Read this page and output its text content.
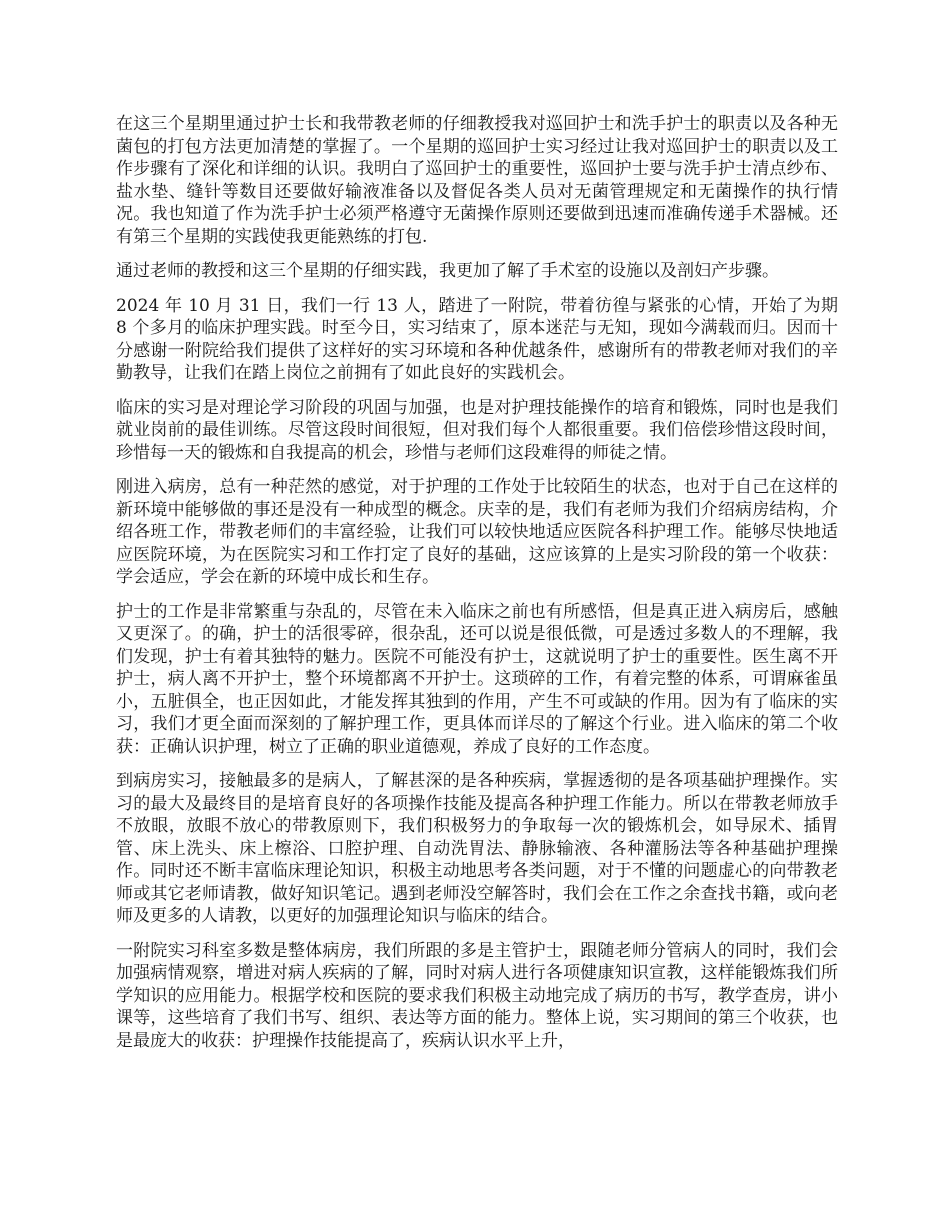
在这三个星期里通过护士长和我带教老师的仔细教授我对巡回护士和洗手护士的职责以及各种无菌包的打包方法更加清楚的掌握了。一个星期的巡回护士实习经过让我对巡回护士的职责以及工作步骤有了深化和详细的认识。我明白了巡回护士的重要性，巡回护士要与洗手护士清点纱布、盐水垫、缝针等数目还要做好输液准备以及督促各类人员对无菌管理规定和无菌操作的执行情况。我也知道了作为洗手护士必须严格遵守无菌操作原则还要做到迅速而准确传递手术器械。还有第三个星期的实践使我更能熟练的打包.

通过老师的教授和这三个星期的仔细实践，我更加了解了手术室的设施以及剖妇产步骤。

2024 年 10 月 31 日，我们一行 13 人，踏进了一附院，带着彷徨与紧张的心情，开始了为期 8 个多月的临床护理实践。时至今日，实习结束了，原本迷茫与无知，现如今满载而归。因而十分感谢一附院给我们提供了这样好的实习环境和各种优越条件，感谢所有的带教老师对我们的辛勤教导，让我们在踏上岗位之前拥有了如此良好的实践机会。

临床的实习是对理论学习阶段的巩固与加强，也是对护理技能操作的培育和锻炼，同时也是我们就业岗前的最佳训练。尽管这段时间很短，但对我们每个人都很重要。我们倍偿珍惜这段时间，珍惜每一天的锻炼和自我提高的机会，珍惜与老师们这段难得的师徒之情。

刚进入病房，总有一种茫然的感觉，对于护理的工作处于比较陌生的状态，也对于自己在这样的新环境中能够做的事还是没有一种成型的概念。庆幸的是，我们有老师为我们介绍病房结构，介绍各班工作，带教老师们的丰富经验，让我们可以较快地适应医院各科护理工作。能够尽快地适应医院环境，为在医院实习和工作打定了良好的基础，这应该算的上是实习阶段的第一个收获：学会适应，学会在新的环境中成长和生存。

护士的工作是非常繁重与杂乱的，尽管在未入临床之前也有所感悟，但是真正进入病房后，感触又更深了。的确，护士的活很零碎，很杂乱，还可以说是很低微，可是透过多数人的不理解，我们发现，护士有着其独特的魅力。医院不可能没有护士，这就说明了护士的重要性。医生离不开护士，病人离不开护士，整个环境都离不开护士。这琐碎的工作，有着完整的体系，可谓麻雀虽小，五脏俱全，也正因如此，才能发挥其独到的作用，产生不可或缺的作用。因为有了临床的实习，我们才更全面而深刻的了解护理工作，更具体而详尽的了解这个行业。进入临床的第二个收获：正确认识护理，树立了正确的职业道德观，养成了良好的工作态度。

到病房实习，接触最多的是病人，了解甚深的是各种疾病，掌握透彻的是各项基础护理操作。实习的最大及最终目的是培育良好的各项操作技能及提高各种护理工作能力。所以在带教老师放手不放眼，放眼不放心的带教原则下，我们积极努力的争取每一次的锻炼机会，如导尿术、插胃管、床上洗头、床上檫浴、口腔护理、自动洗胃法、静脉输液、各种灌肠法等各种基础护理操作。同时还不断丰富临床理论知识，积极主动地思考各类问题，对于不懂的问题虚心的向带教老师或其它老师请教，做好知识笔记。遇到老师没空解答时，我们会在工作之余查找书籍，或向老师及更多的人请教，以更好的加强理论知识与临床的结合。

一附院实习科室多数是整体病房，我们所跟的多是主管护士，跟随老师分管病人的同时，我们会加强病情观察，增进对病人疾病的了解，同时对病人进行各项健康知识宣教，这样能锻炼我们所学知识的应用能力。根据学校和医院的要求我们积极主动地完成了病历的书写，教学查房，讲小课等，这些培育了我们书写、组织、表达等方面的能力。整体上说，实习期间的第三个收获，也是最庞大的收获：护理操作技能提高了，疾病认识水平上升，
